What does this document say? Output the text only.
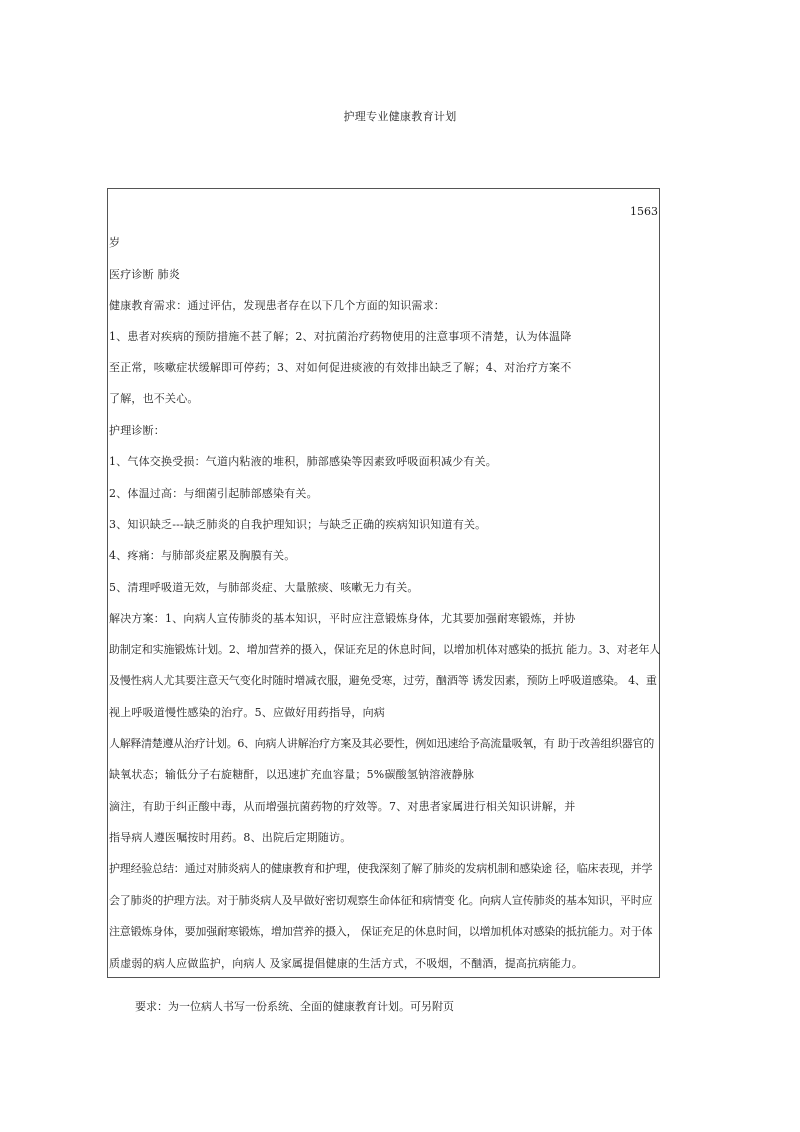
护理专业健康教育计划
1563
岁
医疗诊断 肺炎
健康教育需求：通过评估，发现患者存在以下几个方面的知识需求：
1、患者对疾病的预防措施不甚了解；2、对抗菌治疗药物使用的注意事项不清楚，认为体温降
至正常，咳嗽症状缓解即可停药；3、对如何促进痰液的有效排出缺乏了解；4、对治疗方案不
了解，也不关心。
护理诊断：
1、气体交换受损：气道内粘液的堆积，肺部感染等因素致呼吸面积减少有关。
2、体温过高：与细菌引起肺部感染有关。
3、知识缺乏---缺乏肺炎的自我护理知识；与缺乏正确的疾病知识知道有关。
4、疼痛：与肺部炎症累及胸膜有关。
5、清理呼吸道无效，与肺部炎症、大量脓痰、咳嗽无力有关。
解决方案：1、向病人宣传肺炎的基本知识，平时应注意锻炼身体，尤其要加强耐寒锻炼，并协
助制定和实施锻炼计划。2、增加营养的摄入，保证充足的休息时间，以增加机体对感染的抵抗 能力。3、对老年人
及慢性病人尤其要注意天气变化时随时增减衣服，避免受寒，过劳，酗酒等 诱发因素，预防上呼吸道感染。 4、重
视上呼吸道慢性感染的治疗。5、应做好用药指导，向病
人解释清楚遵从治疗计划。6、向病人讲解治疗方案及其必要性，例如迅速给予高流量吸氧，有 助于改善组织器官的
缺氧状态；输低分子右旋糖酐，以迅速扩充血容量；5%碳酸氢钠溶液静脉
滴注，有助于纠正酸中毒，从而增强抗菌药物的疗效等。7、对患者家属进行相关知识讲解，并
指导病人遵医嘱按时用药。8、出院后定期随访。
护理经验总结：通过对肺炎病人的健康教育和护理，使我深刻了解了肺炎的发病机制和感染途 径，临床表现，并学
会了肺炎的护理方法。对于肺炎病人及早做好密切观察生命体征和病情变 化。向病人宣传肺炎的基本知识，平时应
注意锻炼身体，要加强耐寒锻炼，增加营养的摄入， 保证充足的休息时间，以增加机体对感染的抵抗能力。对于体
质虚弱的病人应做监护，向病人 及家属提倡健康的生活方式，不吸烟，不酗酒，提高抗病能力。
要求：为一位病人书写一份系统、全面的健康教育计划。可另附页
